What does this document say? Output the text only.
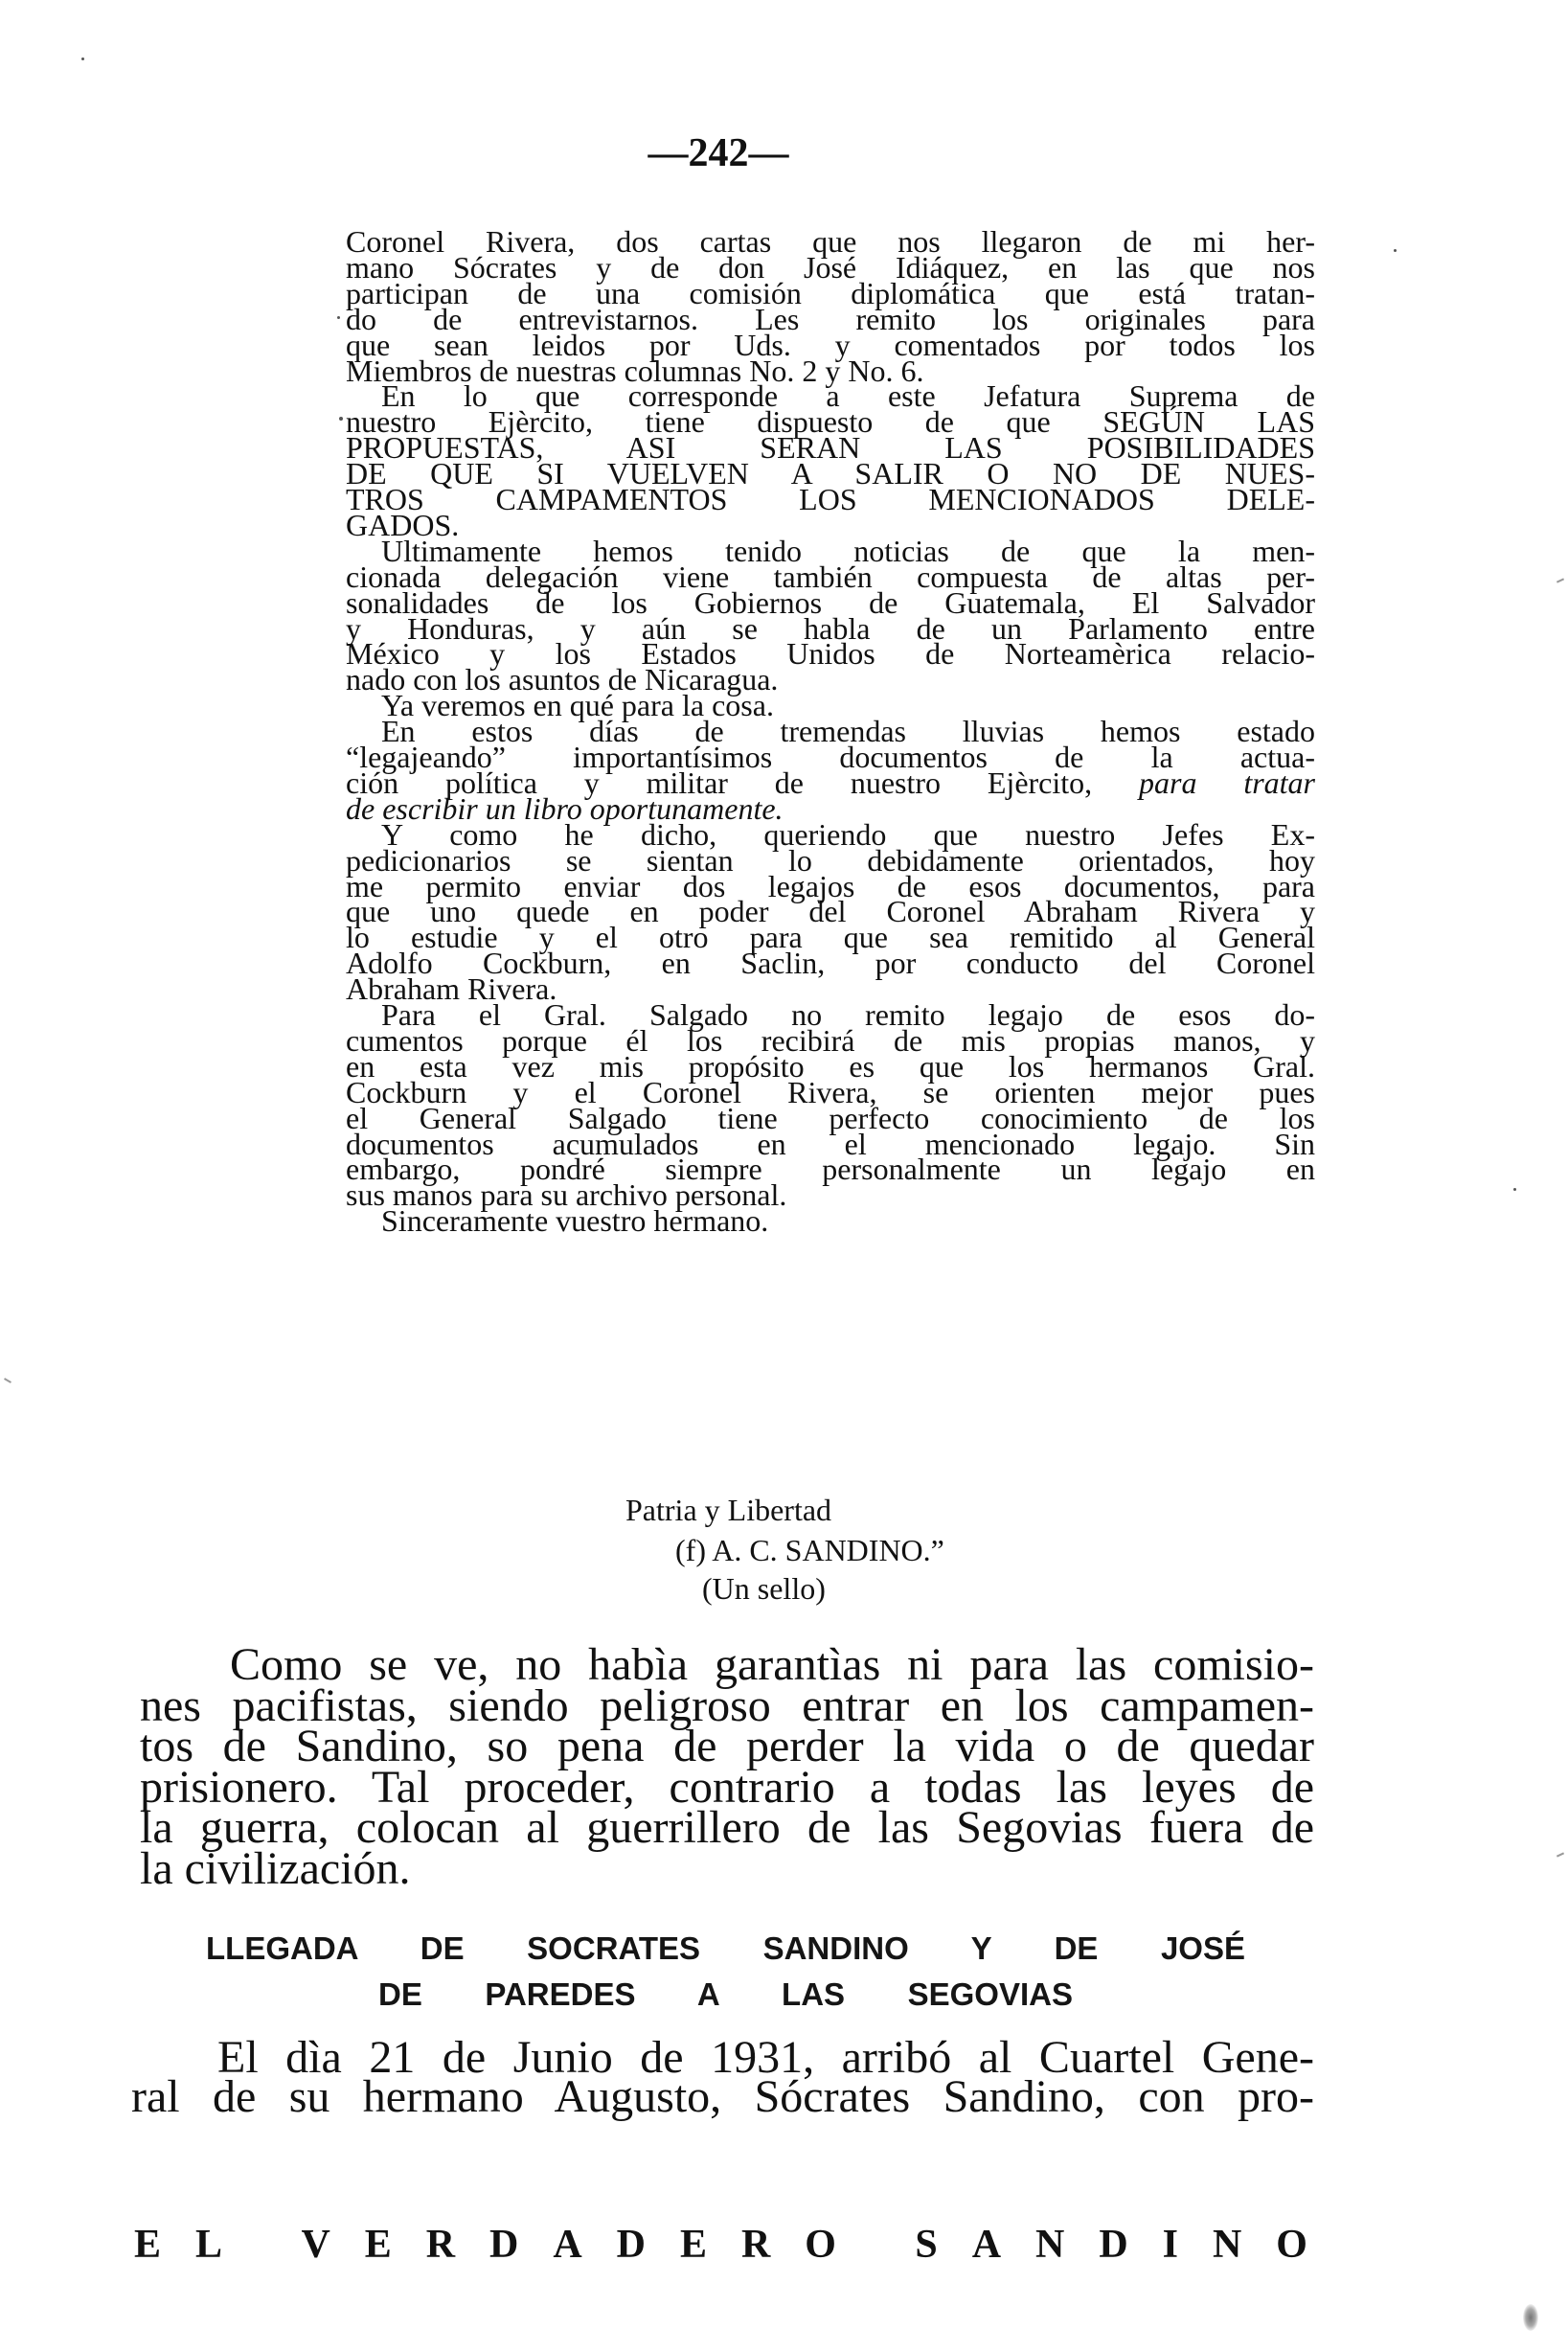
—242—
Coronel Rivera, dos cartas que nos llegaron de mi her-
mano Sócrates y de don José Idiáquez, en las que nos
participan de una comisión diplomática que está tratan-
do de entrevistarnos. Les remito los originales para
que sean leidos por Uds. y comentados por todos los
Miembros de nuestras columnas No. 2 y No. 6.
En lo que corresponde a este Jefatura Suprema de
nuestro Ejèrcito, tiene dispuesto de que SEGÚN LAS
PROPUESTAS, ASI SERAN LAS POSIBILIDADES
DE QUE SI VUELVEN A SALIR O NO DE NUES-
TROS CAMPAMENTOS LOS MENCIONADOS DELE-
GADOS.
Ultimamente hemos tenido noticias de que la men-
cionada delegación viene también compuesta de altas per-
sonalidades de los Gobiernos de Guatemala, El Salvador
y Honduras, y aún se habla de un Parlamento entre
México y los Estados Unidos de Norteamèrica relacio-
nado con los asuntos de Nicaragua.
Ya veremos en qué para la cosa.
En estos días de tremendas lluvias hemos estado
“legajeando” importantísimos documentos de la actua-
ción política y militar de nuestro Ejèrcito, para tratar
de escribir un libro oportunamente.
Y como he dicho, queriendo que nuestro Jefes Ex-
pedicionarios se sientan lo debidamente orientados, hoy
me permito enviar dos legajos de esos documentos, para
que uno quede en poder del Coronel Abraham Rivera y
lo estudie y el otro para que sea remitido al General
Adolfo Cockburn, en Saclin, por conducto del Coronel
Abraham Rivera.
Para el Gral. Salgado no remito legajo de esos do-
cumentos porque él los recibirá de mis propias manos, y
en esta vez mis propósito es que los hermanos Gral.
Cockburn y el Coronel Rivera, se orienten mejor pues
el General Salgado tiene perfecto conocimiento de los
documentos acumulados en el mencionado legajo. Sin
embargo, pondré siempre personalmente un legajo en
sus manos para su archivo personal.
Sinceramente vuestro hermano.
Patria y Libertad
(f) A. C. SANDINO.”
(Un sello)
Como se ve, no habìa garantìas ni para las comisio-
nes pacifistas, siendo peligroso entrar en los campamen-
tos de Sandino, so pena de perder la vida o de quedar
prisionero. Tal proceder, contrario a todas las leyes de
la guerra, colocan al guerrillero de las Segovias fuera de
la civilización.
LLEGADA DE SOCRATES SANDINO Y DE JOSÉ
DE PAREDES A LAS SEGOVIAS
El dìa 21 de Junio de 1931, arribó al Cuartel Gene-
ral de su hermano Augusto, Sócrates Sandino, con pro-
E L
V E R D A D E R O
S A N D I N O
